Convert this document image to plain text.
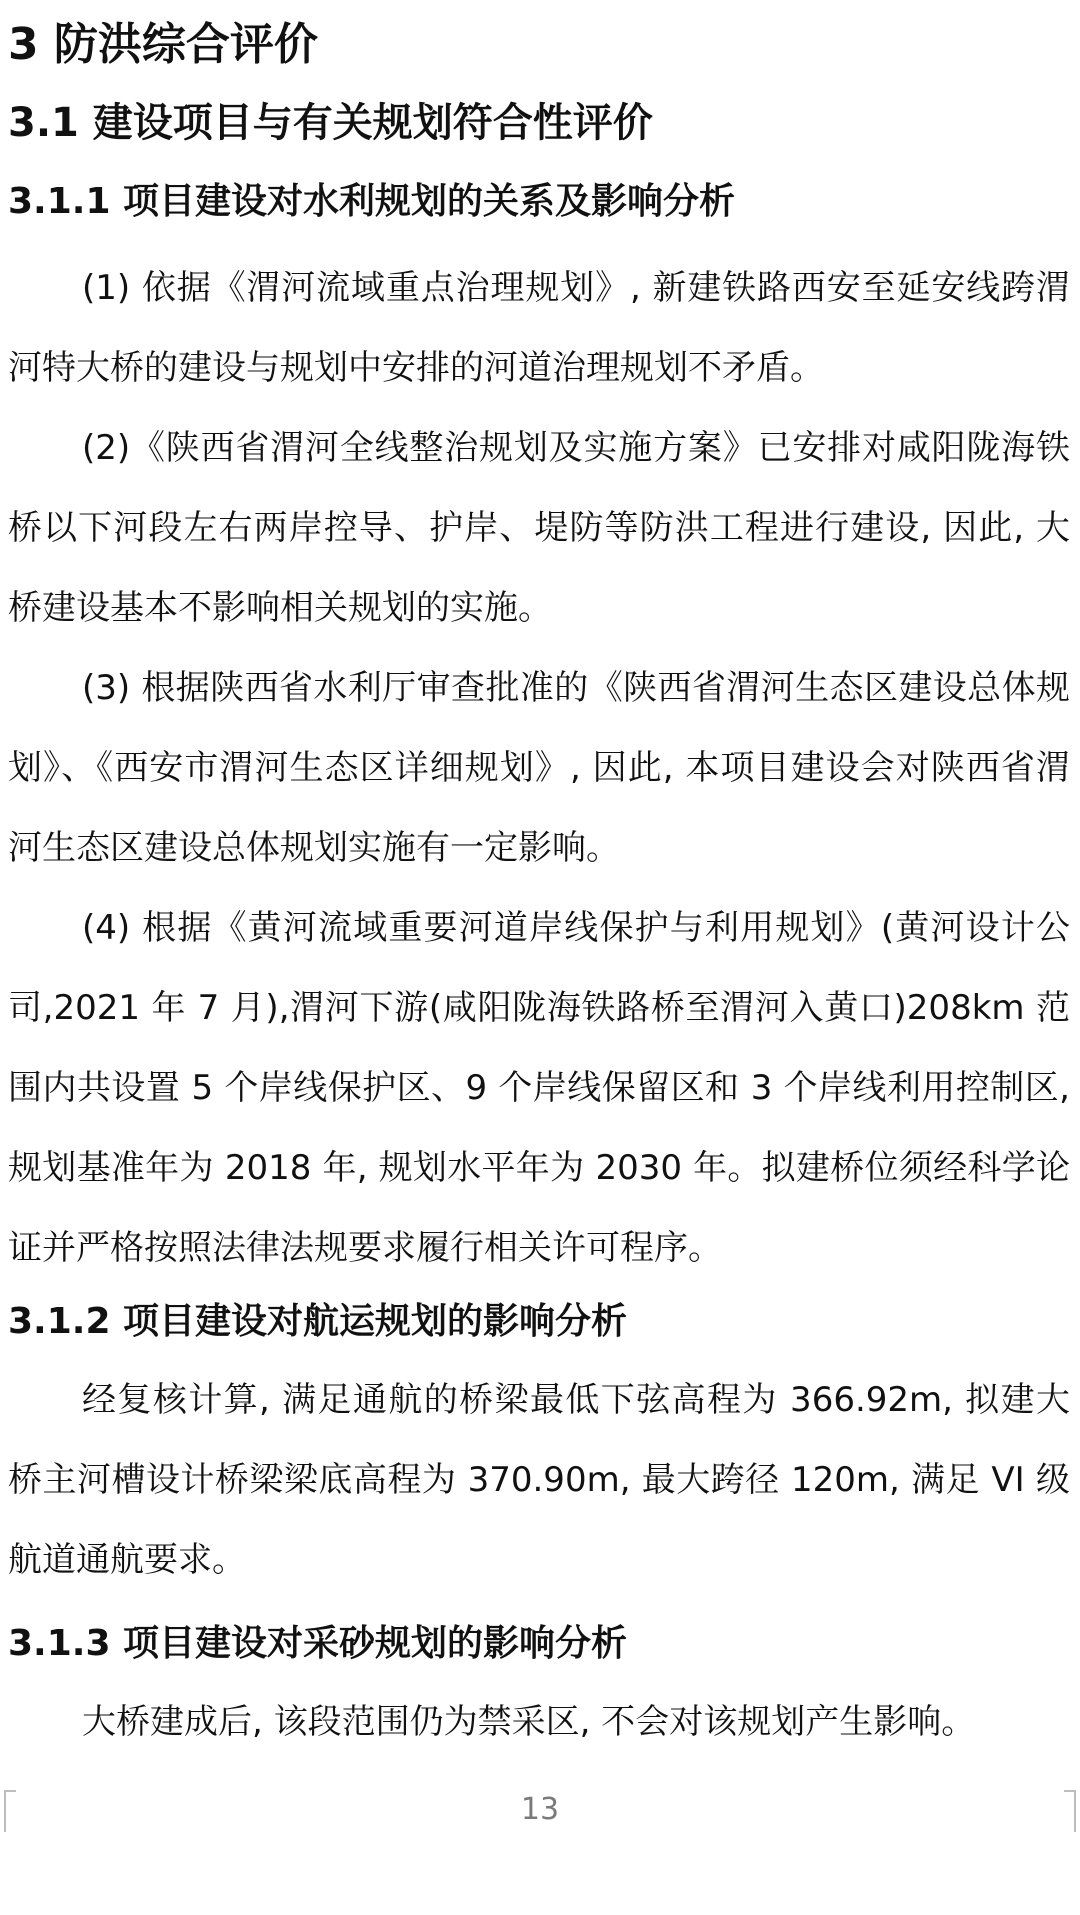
3 防洪综合评价
3.1 建设项目与有关规划符合性评价
3.1.1 项目建设对水利规划的关系及影响分析

(1) 依据《渭河流域重点治理规划》, 新建铁路西安至延安线跨渭河特大桥的建设与规划中安排的河道治理规划不矛盾。

(2)《陕西省渭河全线整治规划及实施方案》已安排对咸阳陇海铁桥以下河段左右两岸控导、护岸、堤防等防洪工程进行建设, 因此, 大桥建设基本不影响相关规划的实施。

(3) 根据陕西省水利厅审查批准的《陕西省渭河生态区建设总体规划》、《西安市渭河生态区详细规划》, 因此, 本项目建设会对陕西省渭河生态区建设总体规划实施有一定影响。

(4) 根据《黄河流域重要河道岸线保护与利用规划》(黄河设计公司,2021 年 7 月),渭河下游(咸阳陇海铁路桥至渭河入黄口)208km 范围内共设置 5 个岸线保护区、9 个岸线保留区和 3 个岸线利用控制区, 规划基准年为 2018 年, 规划水平年为 2030 年。拟建桥位须经科学论证并严格按照法律法规要求履行相关许可程序。

3.1.2 项目建设对航运规划的影响分析

经复核计算, 满足通航的桥梁最低下弦高程为 366.92m, 拟建大桥主河槽设计桥梁梁底高程为 370.90m, 最大跨径 120m, 满足 VI 级航道通航要求。

3.1.3 项目建设对采砂规划的影响分析

大桥建成后, 该段范围仍为禁采区, 不会对该规划产生影响。

13
